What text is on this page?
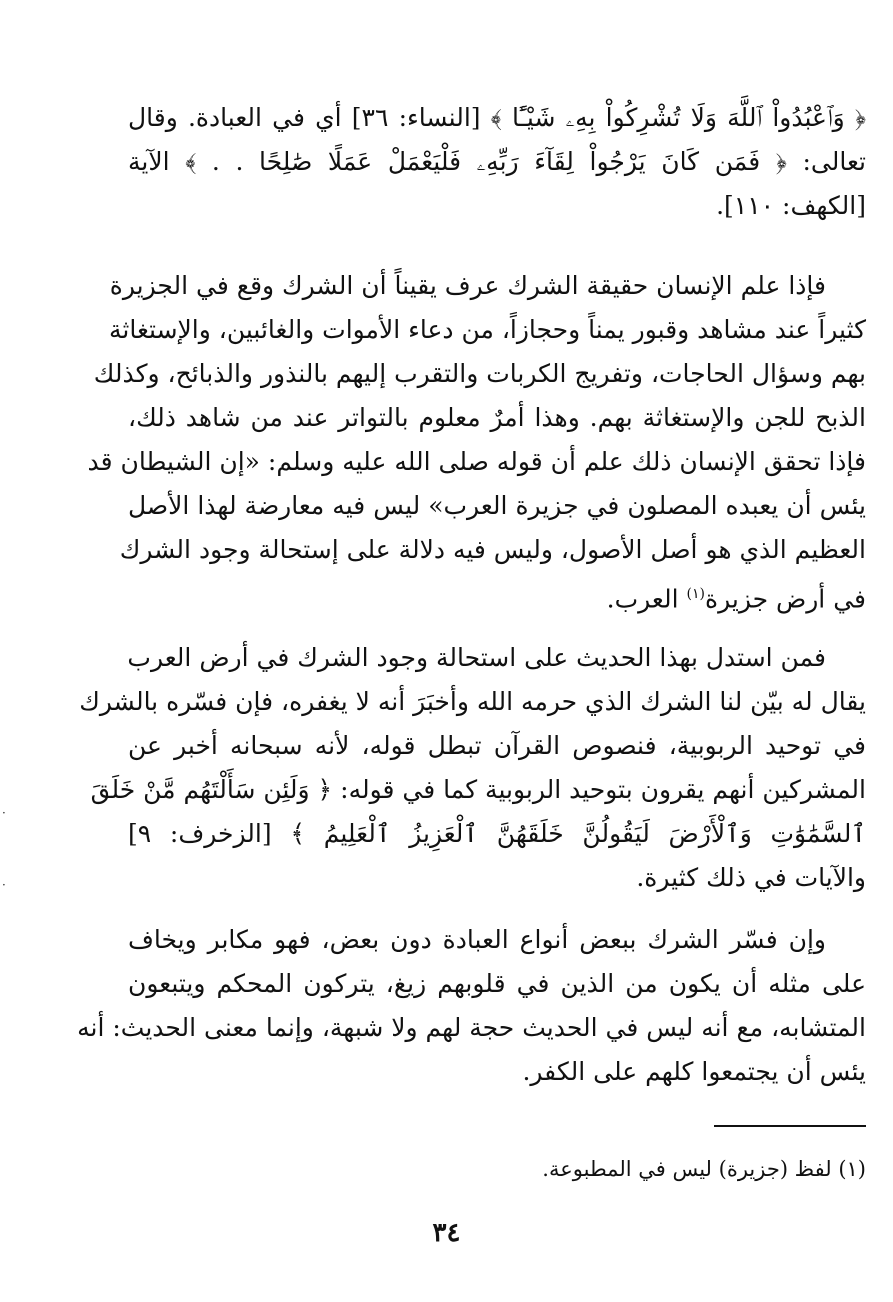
﴿ وَٱعْبُدُواْ ٱللَّهَ وَلَا تُشْرِكُواْ بِهِۦ شَيْـًٔا ﴾ [النساء: ٣٦] أي في العبادة. وقال
تعالى: ﴿ فَمَن كَانَ يَرْجُواْ لِقَآءَ رَبِّهِۦ فَلْيَعْمَلْ عَمَلًا صَٰلِحًا . . ﴾ الآية
[الكهف: ١١٠].
فإذا علم الإنسان حقيقة الشرك عرف يقيناً أن الشرك وقع في الجزيرة
كثيراً عند مشاهد وقبور يمناً وحجازاً، من دعاء الأموات والغائبين، والإستغاثة
بهم وسؤال الحاجات، وتفريج الكربات والتقرب إليهم بالنذور والذبائح، وكذلك
الذبح للجن والإستغاثة بهم. وهذا أمرٌ معلوم بالتواتر عند من شاهد ذلك،
فإذا تحقق الإنسان ذلك علم أن قوله صلى الله عليه وسلم: «إن الشيطان قد
يئس أن يعبده المصلون في جزيرة العرب» ليس فيه معارضة لهذا الأصل
العظيم الذي هو أصل الأصول، وليس فيه دلالة على إستحالة وجود الشرك
في أرض جزيرة$^{(١)}$ العرب.
فمن استدل بهذا الحديث على استحالة وجود الشرك في أرض العرب
يقال له بيّن لنا الشرك الذي حرمه الله وأخبَرَ أنه لا يغفره، فإن فسّره بالشرك
في توحيد الربوبية، فنصوص القرآن تبطل قوله، لأنه سبحانه أخبر عن
المشركين أنهم يقرون بتوحيد الربوبية كما في قوله: ﴿ وَلَئِن سَأَلْتَهُم مَّنْ خَلَقَ
ٱلسَّمَٰوَٰتِ وَٱلْأَرْضَ لَيَقُولُنَّ خَلَقَهُنَّ ٱلْعَزِيزُ ٱلْعَلِيمُ ﴾ [الزخرف: ٩]
والآيات في ذلك كثيرة.
وإن فسّر الشرك ببعض أنواع العبادة دون بعض، فهو مكابر ويخاف
على مثله أن يكون من الذين في قلوبهم زيغ، يتركون المحكم ويتبعون
المتشابه، مع أنه ليس في الحديث حجة لهم ولا شبهة، وإنما معنى الحديث: أنه
يئس أن يجتمعوا كلهم على الكفر.
(١) لفظ (جزيرة) ليس في المطبوعة.
٣٤
·
·
